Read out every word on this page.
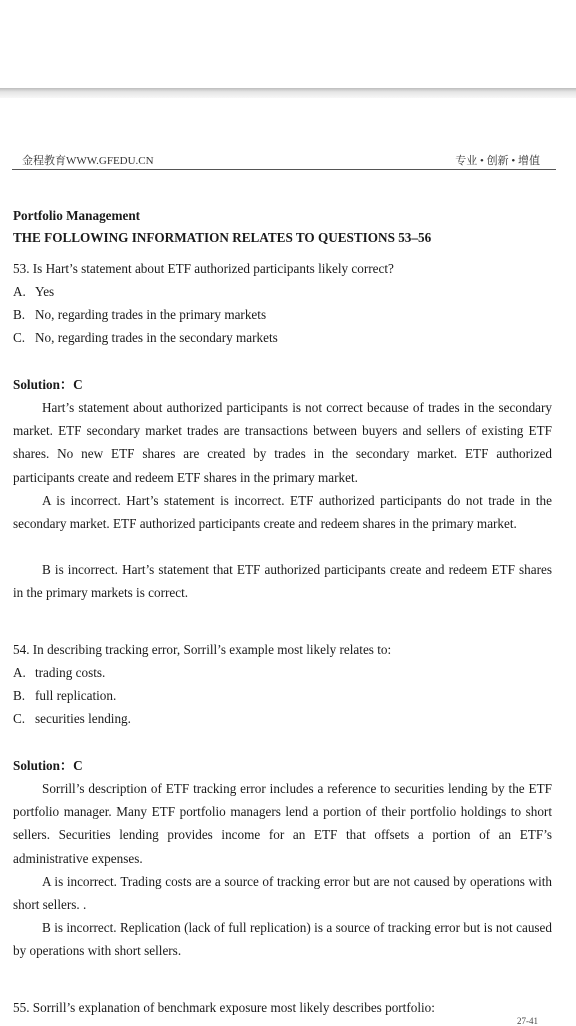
金程教育WWW.GFEDU.CN	专业 • 创新 • 增值
Portfolio Management
THE FOLLOWING INFORMATION RELATES TO QUESTIONS 53–56
53. Is Hart’s statement about ETF authorized participants likely correct?
A. Yes
B. No, regarding trades in the primary markets
C. No, regarding trades in the secondary markets
Solution：C
Hart’s statement about authorized participants is not correct because of trades in the secondary market. ETF secondary market trades are transactions between buyers and sellers of existing ETF shares. No new ETF shares are created by trades in the secondary market. ETF authorized participants create and redeem ETF shares in the primary market.
A is incorrect. Hart’s statement is incorrect. ETF authorized participants do not trade in the secondary market. ETF authorized participants create and redeem shares in the primary market.
B is incorrect. Hart’s statement that ETF authorized participants create and redeem ETF shares in the primary markets is correct.
54. In describing tracking error, Sorrill’s example most likely relates to:
A. trading costs.
B. full replication.
C. securities lending.
Solution：C
Sorrill’s description of ETF tracking error includes a reference to securities lending by the ETF portfolio manager. Many ETF portfolio managers lend a portion of their portfolio holdings to short sellers. Securities lending provides income for an ETF that offsets a portion of an ETF’s administrative expenses.
A is incorrect. Trading costs are a source of tracking error but are not caused by operations with short sellers. .
B is incorrect. Replication (lack of full replication) is a source of tracking error but is not caused by operations with short sellers.
55. Sorrill’s explanation of benchmark exposure most likely describes portfolio:
27-41
